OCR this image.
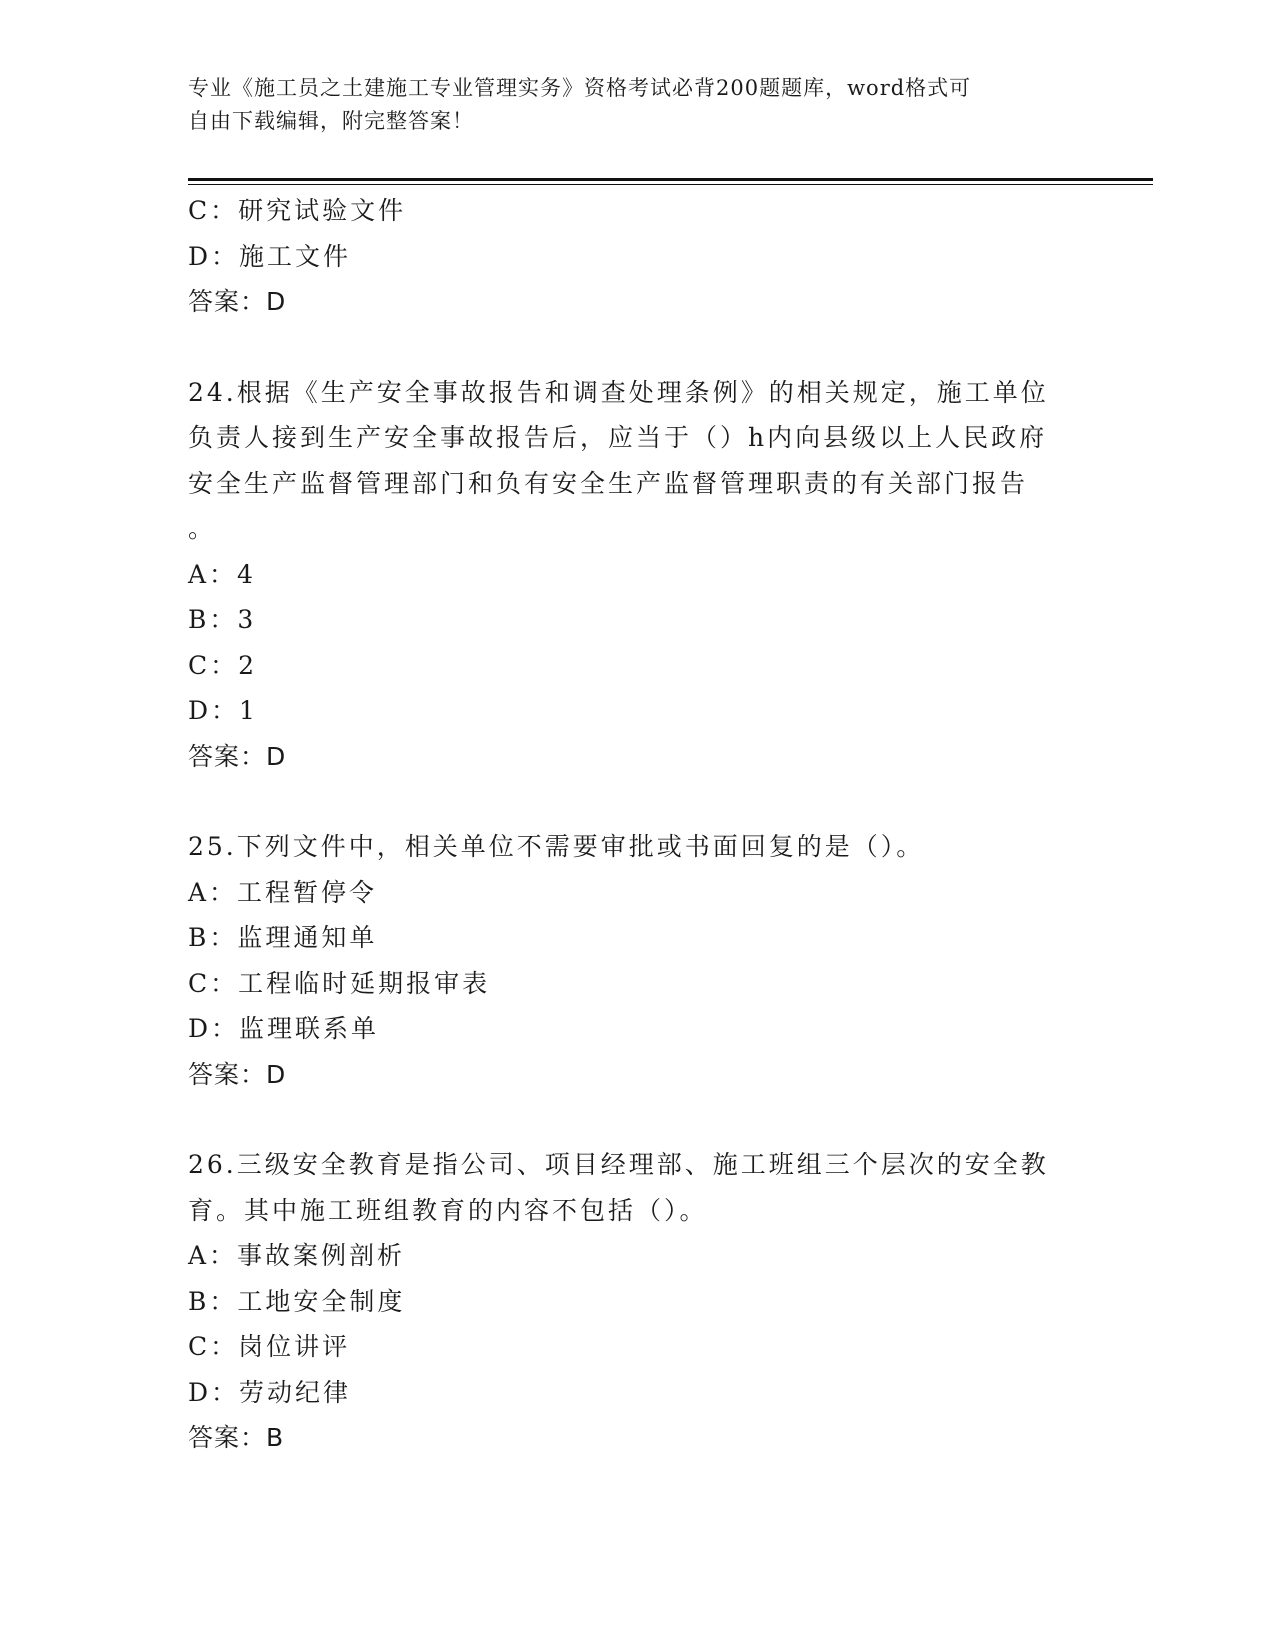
专业《施工员之土建施工专业管理实务》资格考试必背200题题库，word格式可
自由下载编辑，附完整答案！
C：研究试验文件
D：施工文件
答案：D
24.根据《生产安全事故报告和调查处理条例》的相关规定，施工单位
负责人接到生产安全事故报告后，应当于（）h内向县级以上人民政府
安全生产监督管理部门和负有安全生产监督管理职责的有关部门报告
。
A：4
B：3
C：2
D：1
答案：D
25.下列文件中，相关单位不需要审批或书面回复的是（）。
A：工程暂停令
B：监理通知单
C：工程临时延期报审表
D：监理联系单
答案：D
26.三级安全教育是指公司、项目经理部、施工班组三个层次的安全教
育。其中施工班组教育的内容不包括（）。
A：事故案例剖析
B：工地安全制度
C：岗位讲评
D：劳动纪律
答案：B
